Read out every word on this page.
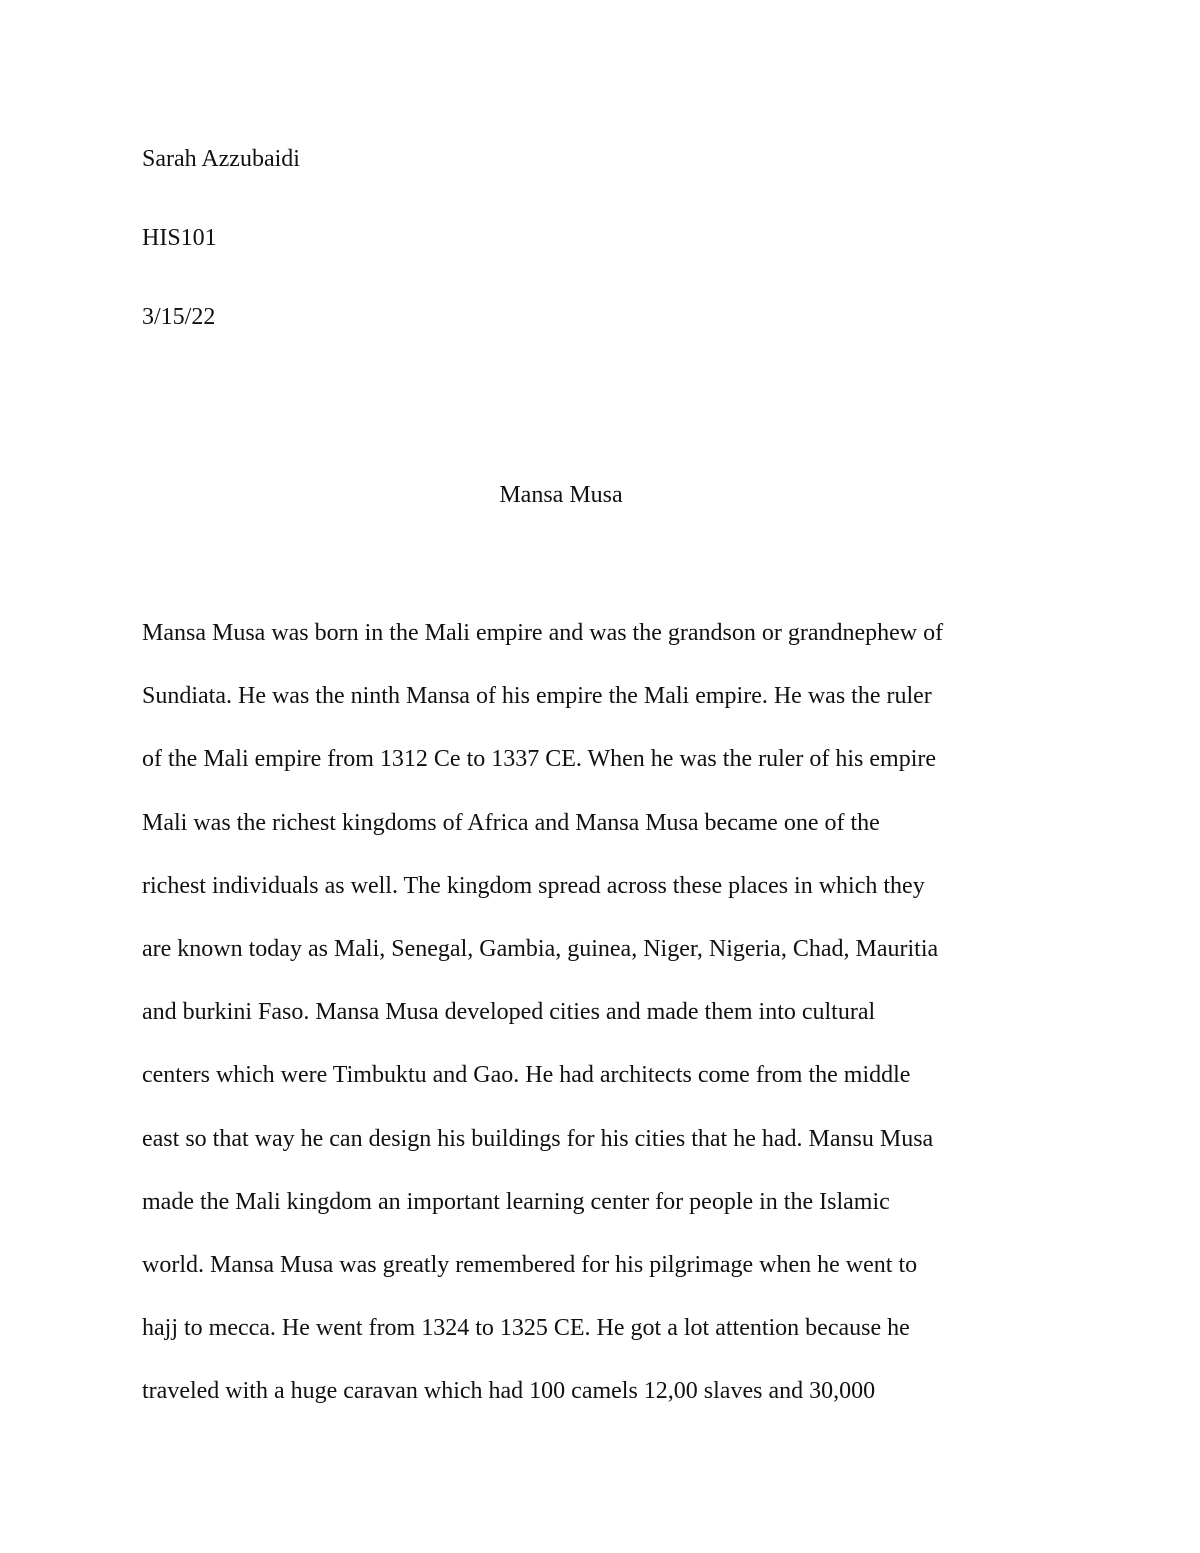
Sarah Azzubaidi
HIS101
3/15/22
Mansa Musa
Mansa Musa was born in the Mali empire and was the grandson or grandnephew of
Sundiata. He was the ninth Mansa of his empire the Mali empire. He was the ruler
of the Mali empire from 1312 Ce to 1337 CE. When he was the ruler of his empire
Mali was the richest kingdoms of Africa and Mansa Musa became one of the
richest individuals as well. The kingdom spread across these places in which they
are known today as Mali, Senegal, Gambia, guinea, Niger, Nigeria, Chad, Mauritia
and burkini Faso. Mansa Musa developed cities and made them into cultural
centers which were Timbuktu and Gao. He had architects come from the middle
east so that way he can design his buildings for his cities that he had. Mansu Musa
made the Mali kingdom an important learning center for people in the Islamic
world. Mansa Musa was greatly remembered for his pilgrimage when he went to
hajj to mecca. He went from 1324 to 1325 CE. He got a lot attention because he
traveled with a huge caravan which had 100 camels 12,00 slaves and 30,000
